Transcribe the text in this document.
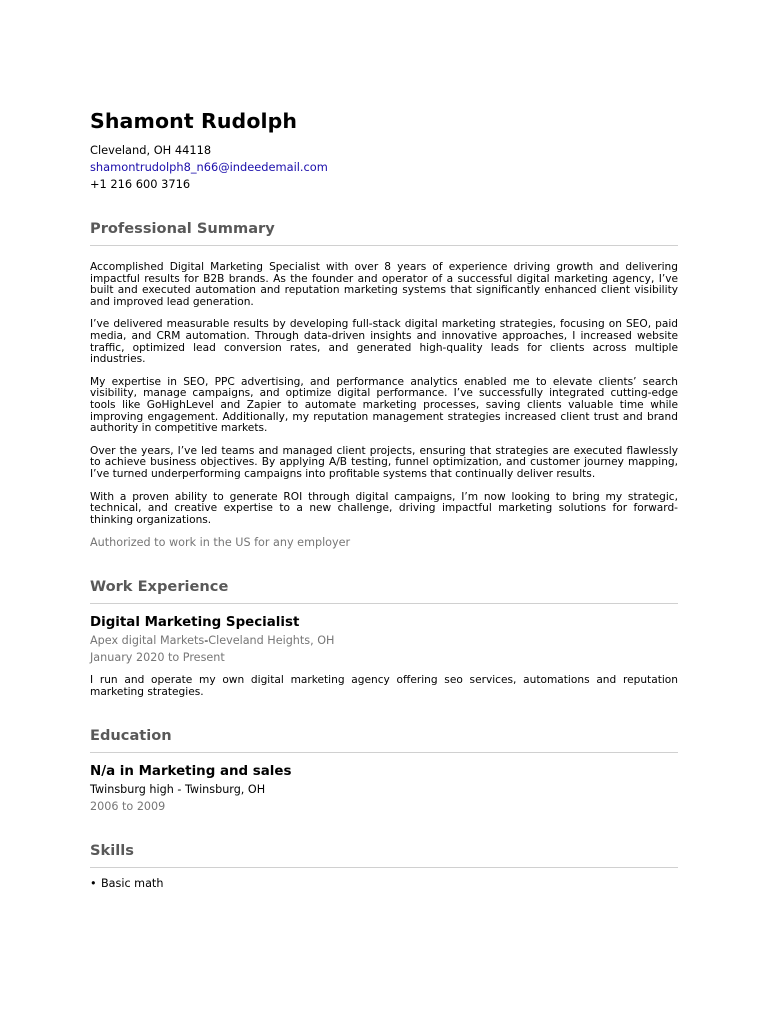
Shamont Rudolph

Cleveland, OH 44118

shamontrudolph8_n66@indeedemail.com

+1 216 600 3716

Professional Summary

Accomplished Digital Marketing Specialist with over 8 years of experience driving growth and delivering impactful results for B2B brands. As the founder and operator of a successful digital marketing agency, I’ve built and executed automation and reputation marketing systems that significantly enhanced client visibility and improved lead generation.

I’ve delivered measurable results by developing full-stack digital marketing strategies, focusing on SEO, paid media, and CRM automation. Through data-driven insights and innovative approaches, I increased website traffic, optimized lead conversion rates, and generated high-quality leads for clients across multiple industries.

My expertise in SEO, PPC advertising, and performance analytics enabled me to elevate clients’ search visibility, manage campaigns, and optimize digital performance. I’ve successfully integrated cutting-edge tools like GoHighLevel and Zapier to automate marketing processes, saving clients valuable time while improving engagement. Additionally, my reputation management strategies increased client trust and brand authority in competitive markets.

Over the years, I’ve led teams and managed client projects, ensuring that strategies are executed flawlessly to achieve business objectives. By applying A/B testing, funnel optimization, and customer journey mapping, I’ve turned underperforming campaigns into profitable systems that continually deliver results.

With a proven ability to generate ROI through digital campaigns, I’m now looking to bring my strategic, technical, and creative expertise to a new challenge, driving impactful marketing solutions for forward-thinking organizations.

Authorized to work in the US for any employer

Work Experience

Digital Marketing Specialist

Apex digital Markets-Cleveland Heights, OH

January 2020 to Present

I run and operate my own digital marketing agency offering seo services, automations and reputation marketing strategies.

Education

N/a in Marketing and sales

Twinsburg high - Twinsburg, OH

2006 to 2009

Skills
• Basic math
